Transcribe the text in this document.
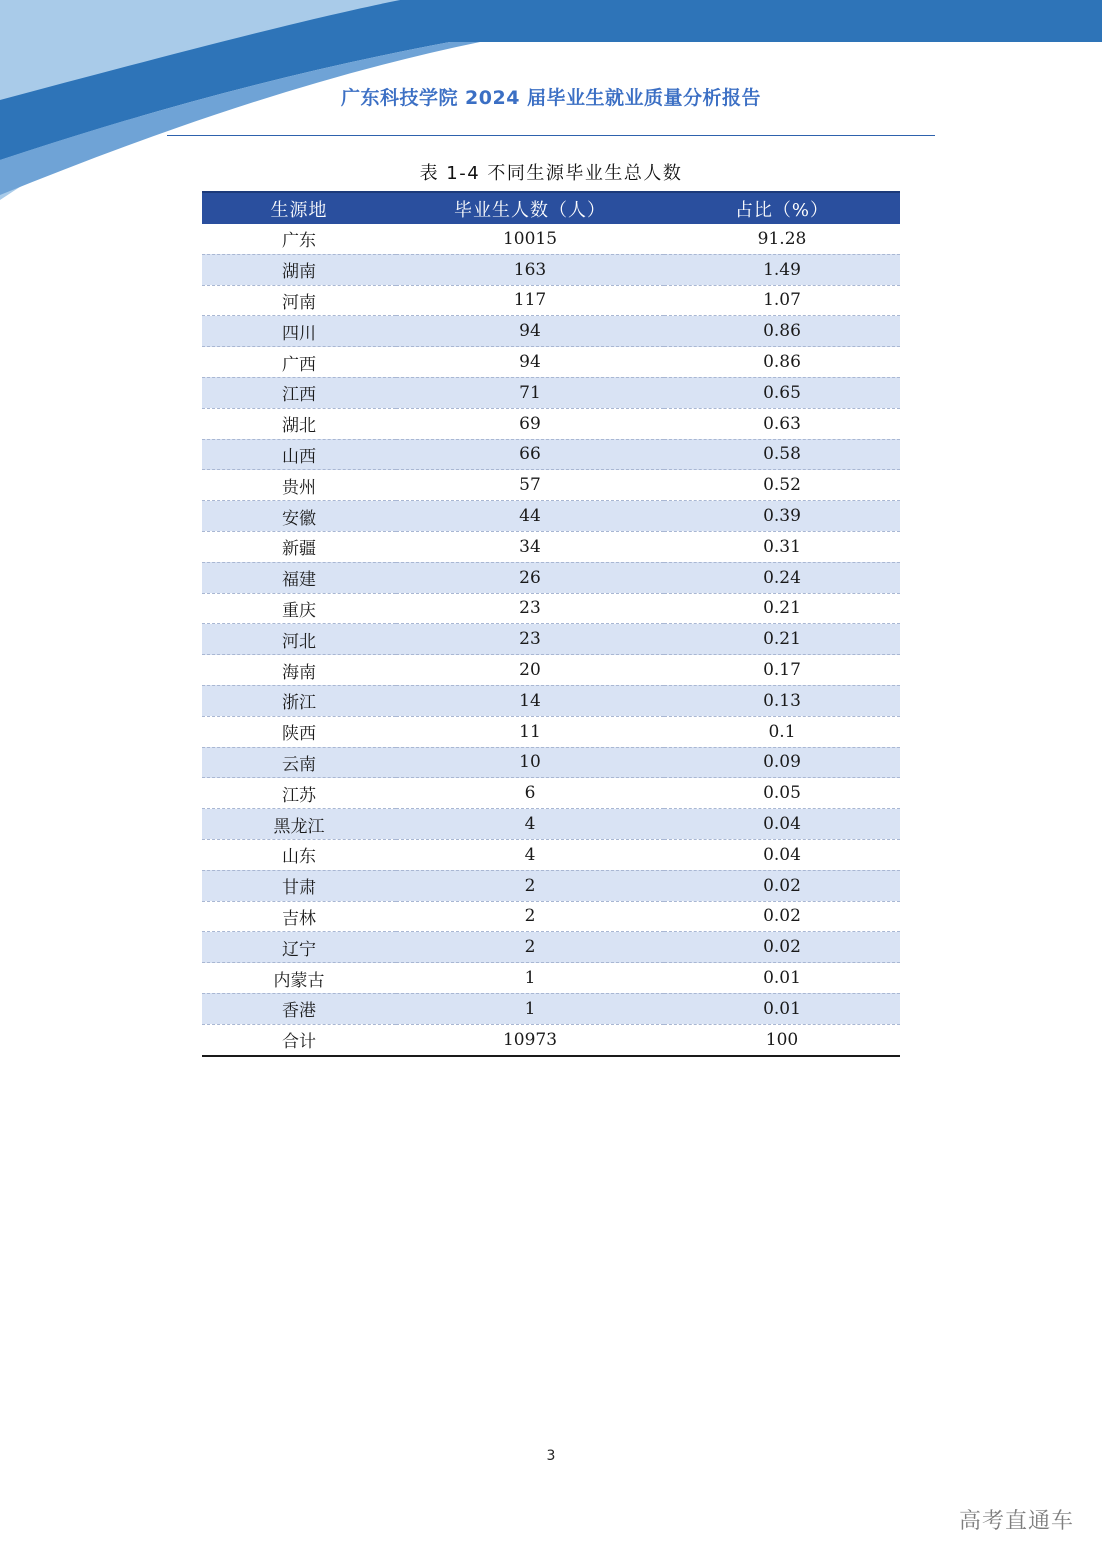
广东科技学院 2024 届毕业生就业质量分析报告
表 1-4 不同生源毕业生总人数
生源地	毕业生人数（人）	占比（%）
广东	10015	91.28
湖南	163	1.49
河南	117	1.07
四川	94	0.86
广西	94	0.86
江西	71	0.65
湖北	69	0.63
山西	66	0.58
贵州	57	0.52
安徽	44	0.39
新疆	34	0.31
福建	26	0.24
重庆	23	0.21
河北	23	0.21
海南	20	0.17
浙江	14	0.13
陕西	11	0.1
云南	10	0.09
江苏	6	0.05
黑龙江	4	0.04
山东	4	0.04
甘肃	2	0.02
吉林	2	0.02
辽宁	2	0.02
内蒙古	1	0.01
香港	1	0.01
合计	10973	100
3
高考直通车
